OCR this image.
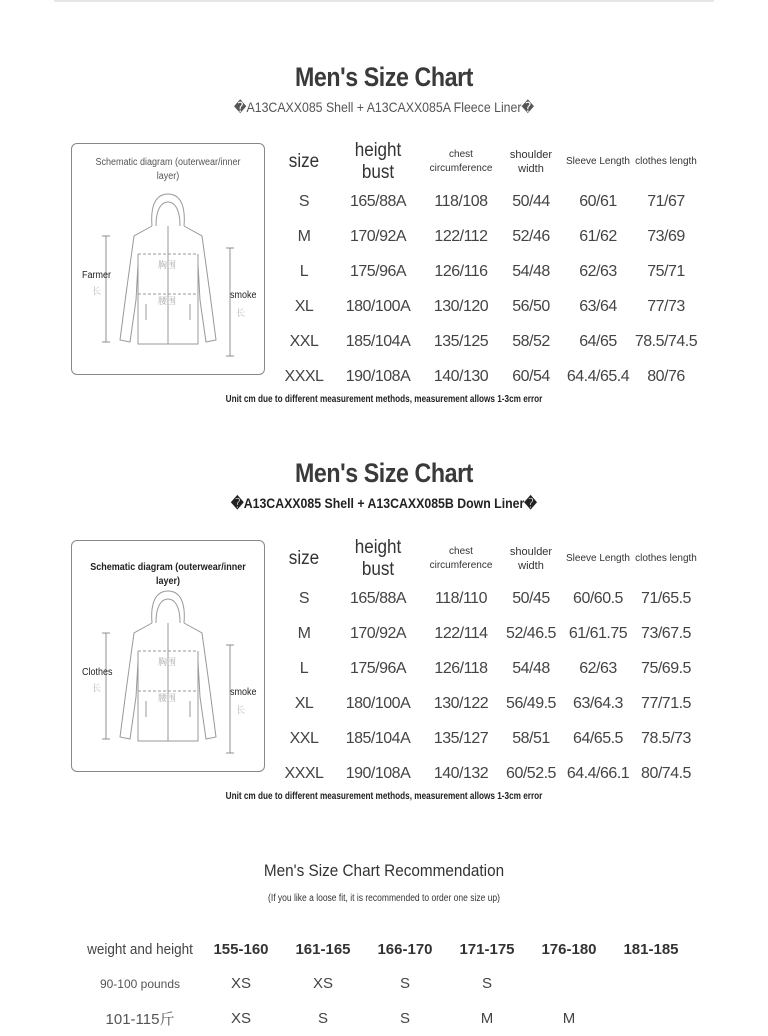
Men's Size Chart
�A13CAXX085 Shell + A13CAXX085A Fleece Liner�
Schematic diagram (outerwear/inner layer)
胸围
腰围
长
长
Farmer
smoke
size	height bust	chest circumference	shoulder width	Sleeve Length	clothes length
S	165/88A	118/108	50/44	60/61	71/67
M	170/92A	122/112	52/46	61/62	73/69
L	175/96A	126/116	54/48	62/63	75/71
XL	180/100A	130/120	56/50	63/64	77/73
XXL	185/104A	135/125	58/52	64/65	78.5/74.5
XXXL	190/108A	140/130	60/54	64.4/65.4	80/76
Unit cm due to different measurement methods, measurement allows 1-3cm error
Men's Size Chart
�A13CAXX085 Shell + A13CAXX085B Down Liner�
Schematic diagram (outerwear/inner layer)
胸围
腰围
长
长
Clothes
smoke
size	height bust	chest circumference	shoulder width	Sleeve Length	clothes length
S	165/88A	118/110	50/45	60/60.5	71/65.5
M	170/92A	122/114	52/46.5	61/61.75	73/67.5
L	175/96A	126/118	54/48	62/63	75/69.5
XL	180/100A	130/122	56/49.5	63/64.3	77/71.5
XXL	185/104A	135/127	58/51	64/65.5	78.5/73
XXXL	190/108A	140/132	60/52.5	64.4/66.1	80/74.5
Unit cm due to different measurement methods, measurement allows 1-3cm error
Men's Size Chart Recommendation
(If you like a loose fit, it is recommended to order one size up)
weight and height	155-160	161-165	166-170	171-175	176-180	181-185
90-100 pounds	XS	XS	S	S		
101-115斤	XS	S	S	M	M	
